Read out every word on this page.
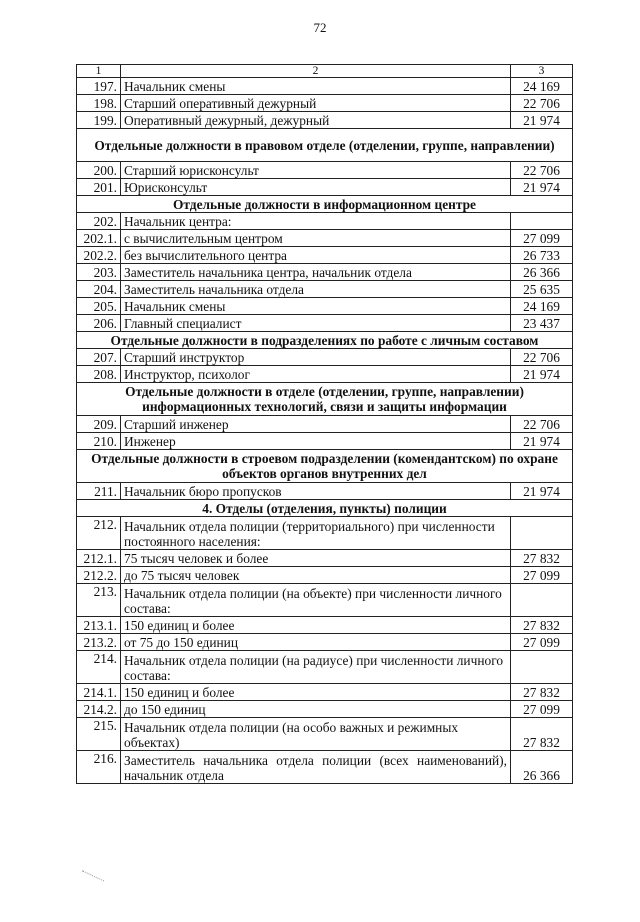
72
1	2	3
197.	Начальник смены	24 169
198.	Старший оперативный дежурный	22 706
199.	Оперативный дежурный, дежурный	21 974
Отдельные должности в правовом отделе (отделении, группе, направлении)		
200.	Старший юрисконсульт	22 706
201.	Юрисконсульт	21 974
Отдельные должности в информационном центре		
202.	Начальник центра:	
202.1.	с вычислительным центром	27 099
202.2.	без вычислительного центра	26 733
203.	Заместитель начальника центра, начальник отдела	26 366
204.	Заместитель начальника отдела	25 635
205.	Начальник смены	24 169
206.	Главный специалист	23 437
Отдельные должности в подразделениях по работе с личным составом		
207.	Старший инструктор	22 706
208.	Инструктор, психолог	21 974
Отдельные должности в отделе (отделении, группе, направлении) информационных технологий, связи и защиты информации		
209.	Старший инженер	22 706
210.	Инженер	21 974
Отдельные должности в строевом подразделении (комендантском) по охране объектов органов внутренних дел		
211.	Начальник бюро пропусков	21 974
4. Отделы (отделения, пункты) полиции		
212.	Начальник отдела полиции (территориального) при численности постоянного населения:	
212.1.	75 тысяч человек и более	27 832
212.2.	до 75 тысяч человек	27 099
213.	Начальник отдела полиции (на объекте) при численности личного состава:	
213.1.	150 единиц и более	27 832
213.2.	от 75 до 150 единиц	27 099
214.	Начальник отдела полиции (на радиусе) при численности личного состава:	
214.1.	150 единиц и более	27 832
214.2.	до 150 единиц	27 099
215.	Начальник отдела полиции (на особо важных и режимных объектах)	27 832
216.	Заместитель начальника отдела полиции (всех наименований), начальник отдела	26 366
